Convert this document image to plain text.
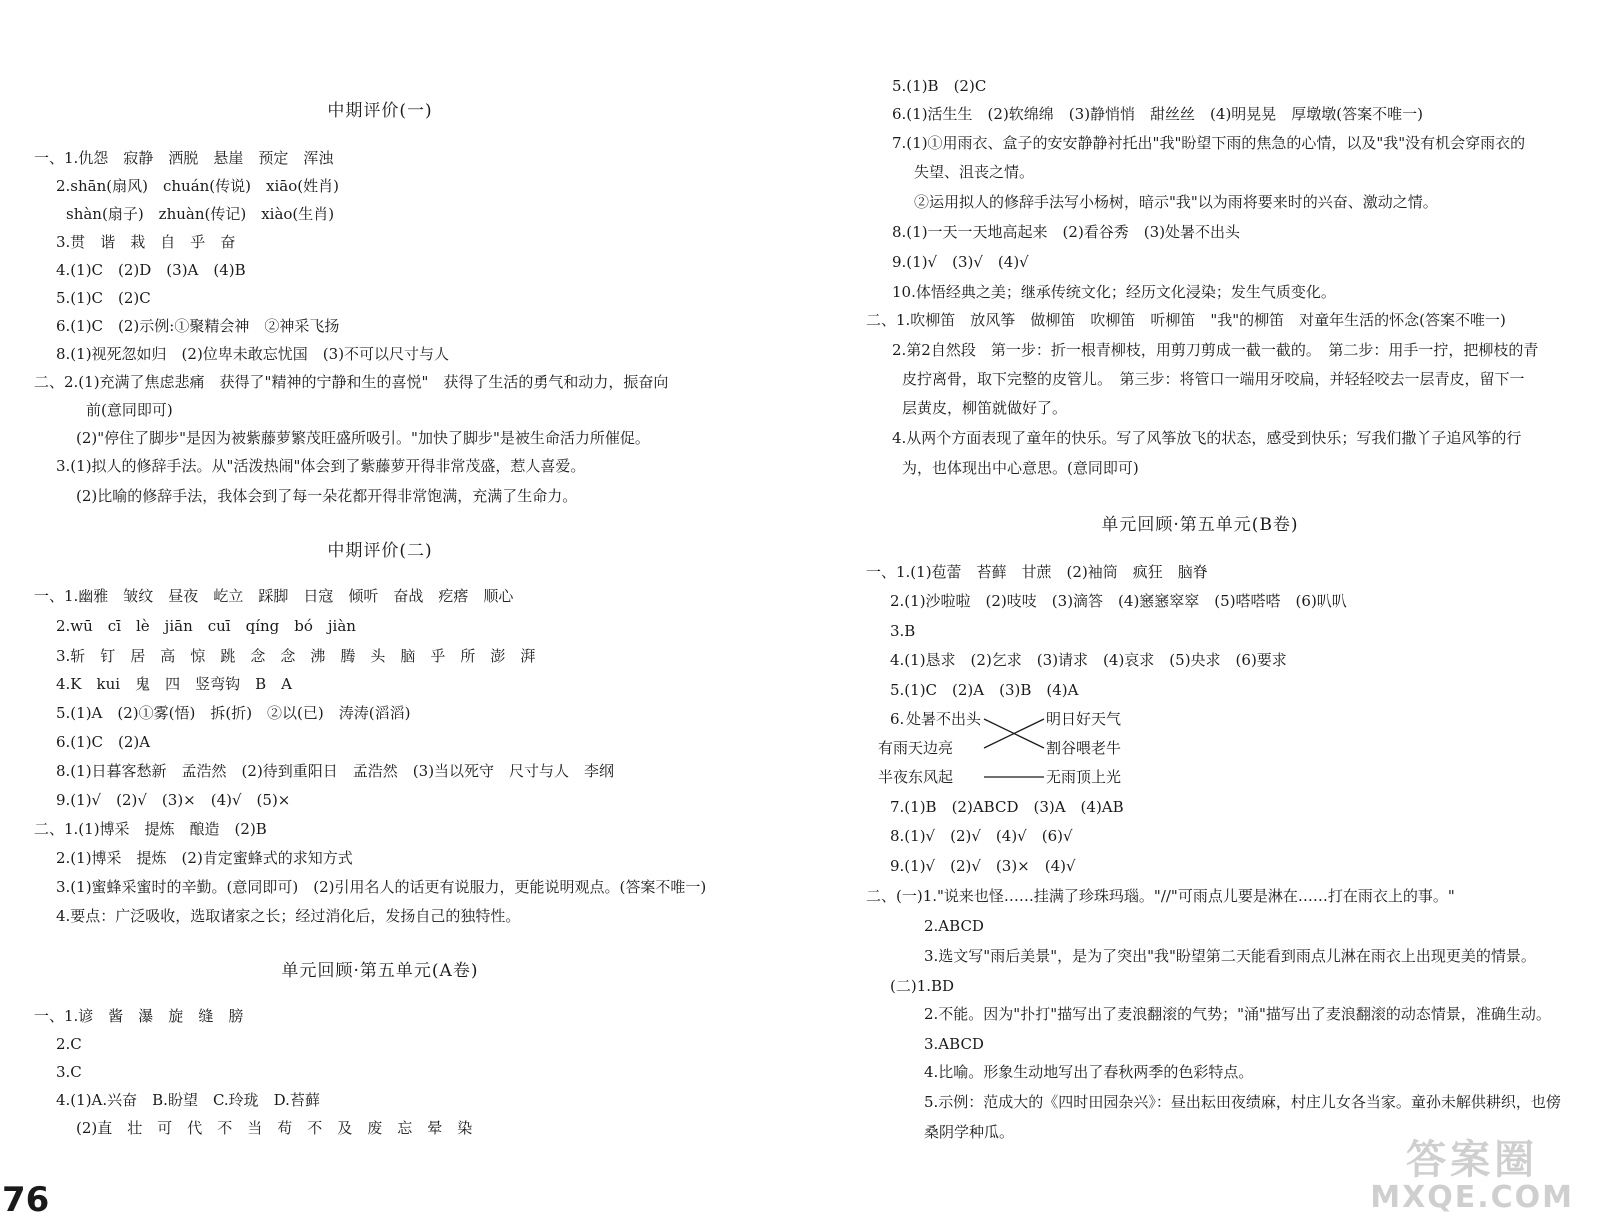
中期评价(一)
一、1.仇怨　寂静　洒脱　悬崖　预定　浑浊
2.shān(扇风)　chuán(传说)　xiāo(姓肖)
shàn(扇子)　zhuàn(传记)　xiào(生肖)
3.贯　谐　栽　自　乎　奋
4.(1)C　(2)D　(3)A　(4)B
5.(1)C　(2)C
6.(1)C　(2)示例:①聚精会神　②神采飞扬
8.(1)视死忽如归　(2)位卑未敢忘忧国　(3)不可以尺寸与人
二、2.(1)充满了焦虑悲痛　获得了"精神的宁静和生的喜悦"　获得了生活的勇气和动力，振奋向
前(意同即可)
(2)"停住了脚步"是因为被紫藤萝繁茂旺盛所吸引。"加快了脚步"是被生命活力所催促。
3.(1)拟人的修辞手法。从"活泼热闹"体会到了紫藤萝开得非常茂盛，惹人喜爱。
(2)比喻的修辞手法，我体会到了每一朵花都开得非常饱满，充满了生命力。
中期评价(二)
一、1.幽雅　皱纹　昼夜　屹立　踩脚　日寇　倾听　奋战　疙瘩　顺心
2.wū　cī　lè　jiān　cuī　qíng　bó　jiàn
3.斩　钉　居　高　惊　跳　念　念　沸　腾　头　脑　乎　所　澎　湃
4.K　kui　鬼　四　竖弯钩　B　A
5.(1)A　(2)①雾(悟)　拆(折)　②以(已)　涛涛(滔滔)
6.(1)C　(2)A
8.(1)日暮客愁新　孟浩然　(2)待到重阳日　孟浩然　(3)当以死守　尺寸与人　李纲
9.(1)√　(2)√　(3)×　(4)√　(5)×
二、1.(1)博采　提炼　酿造　(2)B
2.(1)博采　提炼　(2)肯定蜜蜂式的求知方式
3.(1)蜜蜂采蜜时的辛勤。(意同即可)　(2)引用名人的话更有说服力，更能说明观点。(答案不唯一)
4.要点：广泛吸收，选取诸家之长；经过消化后，发扬自己的独特性。
单元回顾·第五单元(A卷)
一、1.谚　酱　瀑　旋　缝　膀
2.C
3.C
4.(1)A.兴奋　B.盼望　C.玲珑　D.苔藓
(2)直　壮　可　代　不　当　苟　不　及　废　忘　晕　染
76
5.(1)B　(2)C
6.(1)活生生　(2)软绵绵　(3)静悄悄　甜丝丝　(4)明晃晃　厚墩墩(答案不唯一)
7.(1)①用雨衣、盒子的安安静静衬托出"我"盼望下雨的焦急的心情，以及"我"没有机会穿雨衣的
失望、沮丧之情。
②运用拟人的修辞手法写小杨树，暗示"我"以为雨将要来时的兴奋、激动之情。
8.(1)一天一天地高起来　(2)看谷秀　(3)处暑不出头
9.(1)√　(3)√　(4)√
10.体悟经典之美；继承传统文化；经历文化浸染；发生气质变化。
二、1.吹柳笛　放风筝　做柳笛　吹柳笛　听柳笛　"我"的柳笛　对童年生活的怀念(答案不唯一)
2.第2自然段　第一步：折一根青柳枝，用剪刀剪成一截一截的。　第二步：用手一拧，把柳枝的青
皮拧离骨，取下完整的皮管儿。　第三步：将管口一端用牙咬扁，并轻轻咬去一层青皮，留下一
层黄皮，柳笛就做好了。
4.从两个方面表现了童年的快乐。写了风筝放飞的状态，感受到快乐；写我们撒丫子追风筝的行
为，也体现出中心意思。(意同即可)
单元回顾·第五单元(B卷)
一、1.(1)苞蕾　苔藓　甘蔗　(2)袖筒　疯狂　脑脊
2.(1)沙啦啦　(2)吱吱　(3)滴答　(4)窸窸窣窣　(5)嗒嗒嗒　(6)叭叭
3.B
4.(1)恳求　(2)乞求　(3)请求　(4)哀求　(5)央求　(6)要求
5.(1)C　(2)A　(3)B　(4)A
6. 处暑不出头
有雨天边亮
半夜东风起
明日好天气
割谷喂老牛
无雨顶上光
7.(1)B　(2)ABCD　(3)A　(4)AB
8.(1)√　(2)√　(4)√　(6)√
9.(1)√　(2)√　(3)×　(4)√
二、(一)1."说来也怪……挂满了珍珠玛瑙。"//"可雨点儿要是淋在……打在雨衣上的事。"
2.ABCD
3.选文写"雨后美景"，是为了突出"我"盼望第二天能看到雨点儿淋在雨衣上出现更美的情景。
(二)1.BD
2.不能。因为"扑打"描写出了麦浪翻滚的气势；"涌"描写出了麦浪翻滚的动态情景，准确生动。
3.ABCD
4.比喻。形象生动地写出了春秋两季的色彩特点。
5.示例：范成大的《四时田园杂兴》：昼出耘田夜绩麻，村庄儿女各当家。童孙未解供耕织，也傍
桑阴学种瓜。
答案圈
MXQE.COM
